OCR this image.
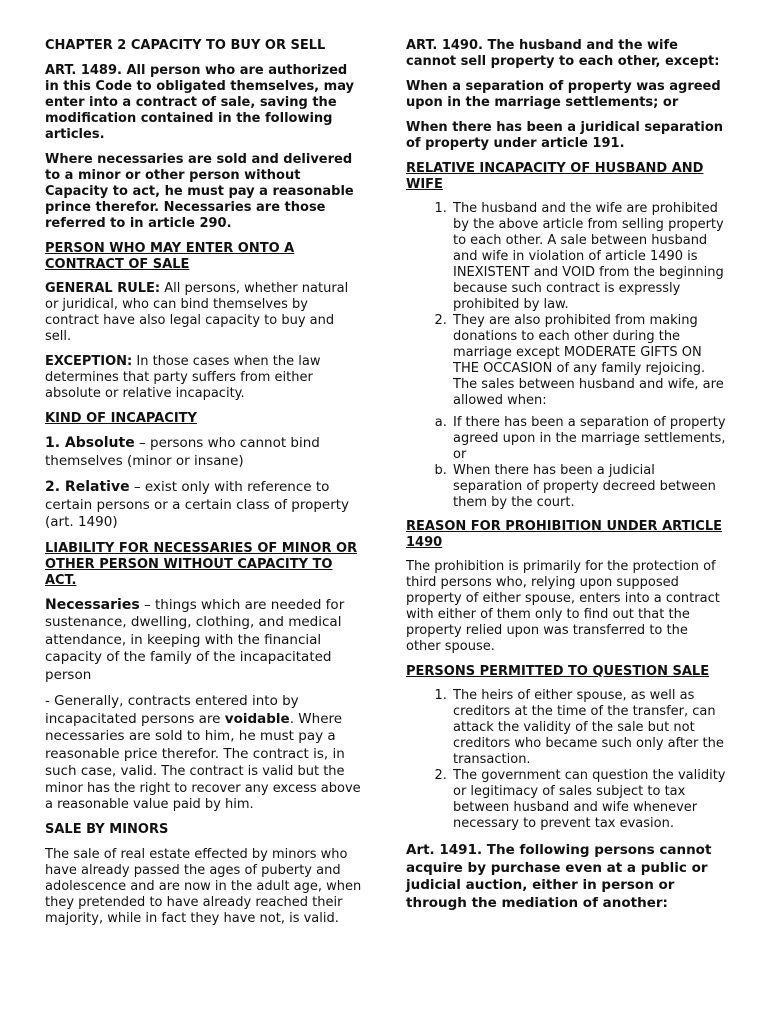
CHAPTER 2 CAPACITY TO BUY OR SELL

ART. 1489. All person who are authorized in this Code to obligated themselves, may enter into a contract of sale, saving the modification contained in the following articles.

Where necessaries are sold and delivered to a minor or other person without Capacity to act, he must pay a reasonable prince therefor. Necessaries are those referred to in article 290.

PERSON WHO MAY ENTER ONTO A CONTRACT OF SALE

GENERAL RULE: All persons, whether natural or juridical, who can bind themselves by contract have also legal capacity to buy and sell.

EXCEPTION: In those cases when the law determines that party suffers from either absolute or relative incapacity.

KIND OF INCAPACITY

1. Absolute – persons who cannot bind themselves (minor or insane)

2. Relative – exist only with reference to certain persons or a certain class of property (art. 1490)

LIABILITY FOR NECESSARIES OF MINOR OR OTHER PERSON WITHOUT CAPACITY TO ACT.

Necessaries – things which are needed for sustenance, dwelling, clothing, and medical attendance, in keeping with the financial capacity of the family of the incapacitated person

- Generally, contracts entered into by incapacitated persons are voidable. Where necessaries are sold to him, he must pay a reasonable price therefor. The contract is, in such case, valid. The contract is valid but the minor has the right to recover any excess above a reasonable value paid by him.

SALE BY MINORS

The sale of real estate effected by minors who have already passed the ages of puberty and adolescence and are now in the adult age, when they pretended to have already reached their majority, while in fact they have not, is valid.

ART. 1490. The husband and the wife cannot sell property to each other, except:

When a separation of property was agreed upon in the marriage settlements; or

When there has been a juridical separation of property under article 191.

RELATIVE INCAPACITY OF HUSBAND AND WIFE

1. The husband and the wife are prohibited by the above article from selling property to each other. A sale between husband and wife in violation of article 1490 is INEXISTENT and VOID from the beginning because such contract is expressly prohibited by law.
2. They are also prohibited from making donations to each other during the marriage except MODERATE GIFTS ON THE OCCASION of any family rejoicing. The sales between husband and wife, are allowed when:
a. If there has been a separation of property agreed upon in the marriage settlements, or
b. When there has been a judicial separation of property decreed between them by the court.

REASON FOR PROHIBITION UNDER ARTICLE 1490

The prohibition is primarily for the protection of third persons who, relying upon supposed property of either spouse, enters into a contract with either of them only to find out that the property relied upon was transferred to the other spouse.

PERSONS PERMITTED TO QUESTION SALE

1. The heirs of either spouse, as well as creditors at the time of the transfer, can attack the validity of the sale but not creditors who became such only after the transaction.
2. The government can question the validity or legitimacy of sales subject to tax between husband and wife whenever necessary to prevent tax evasion.

Art. 1491. The following persons cannot acquire by purchase even at a public or judicial auction, either in person or through the mediation of another:
